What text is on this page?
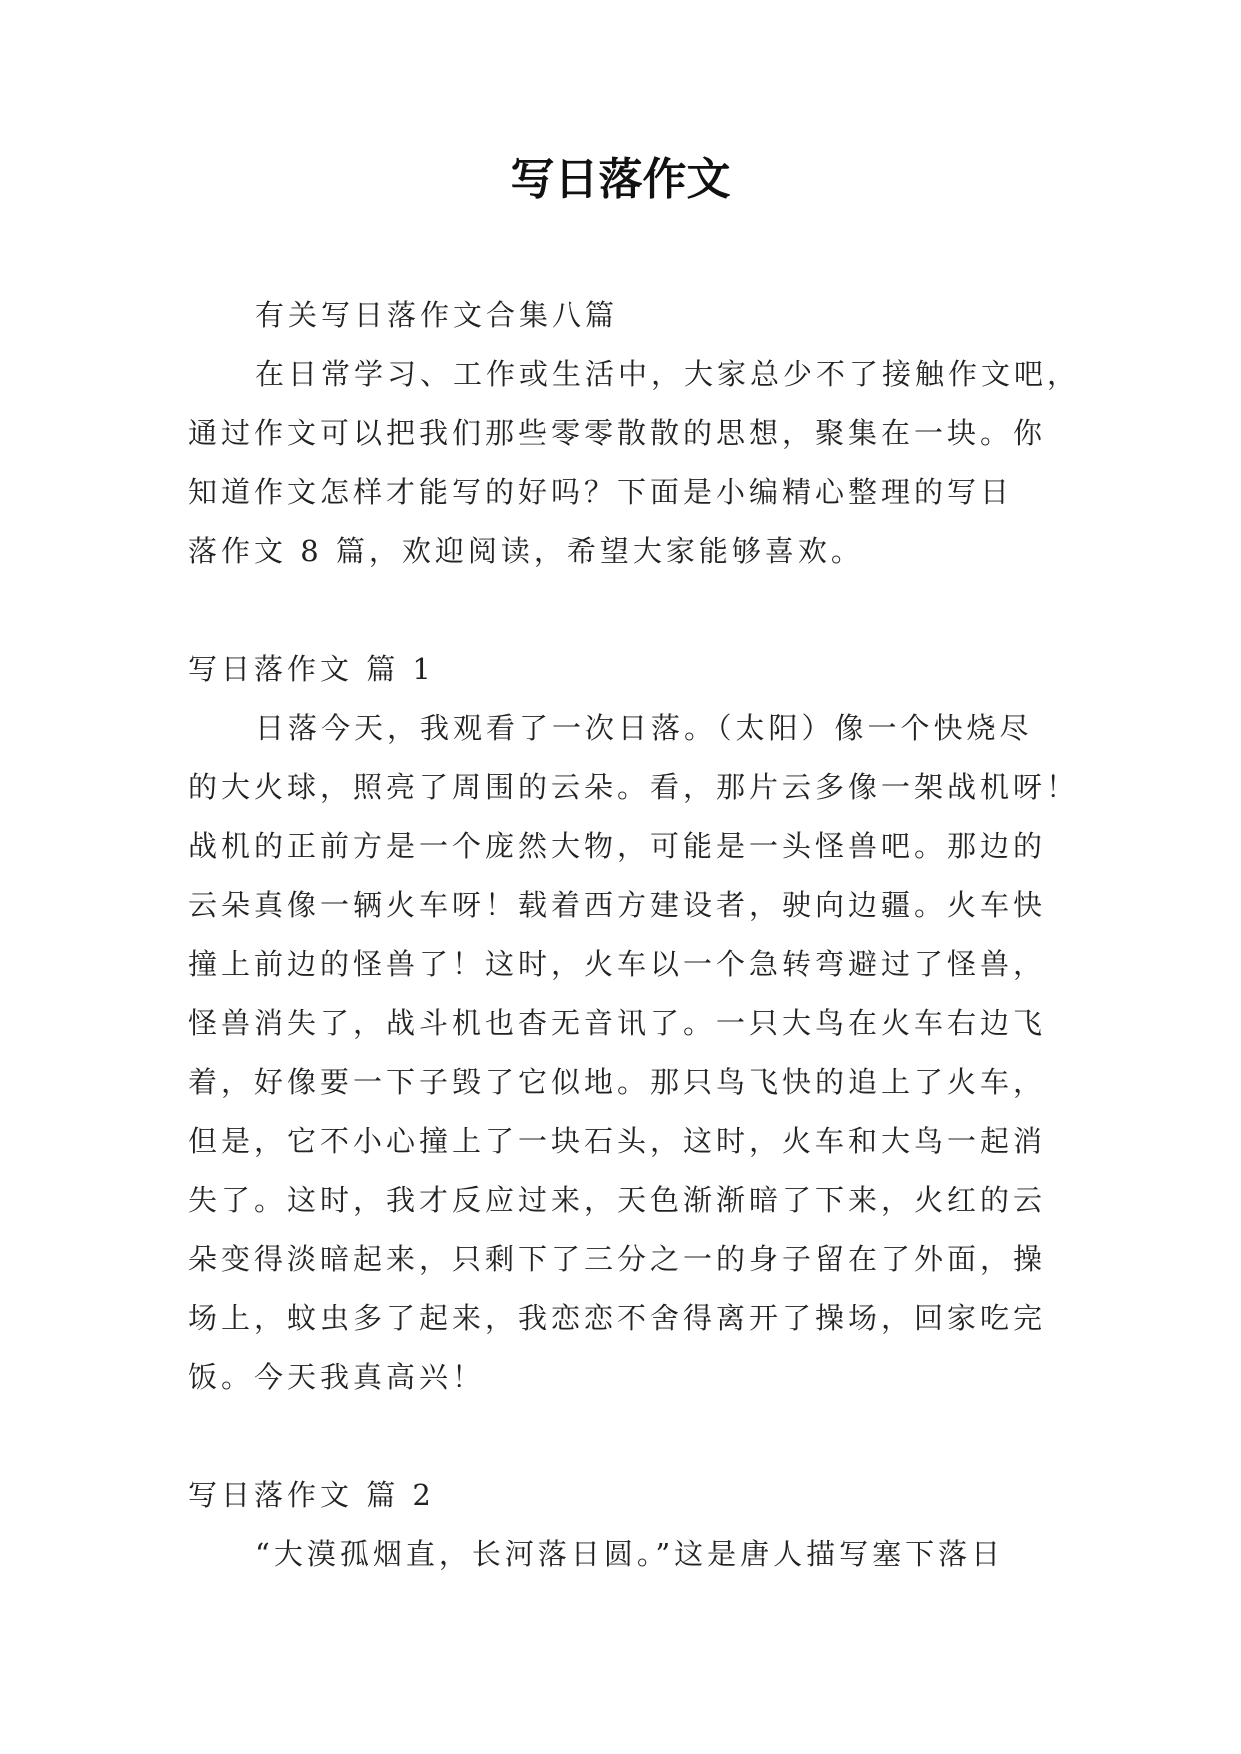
写日落作文
有关写日落作文合集八篇
在日常学习、工作或生活中，大家总少不了接触作文吧，
通过作文可以把我们那些零零散散的思想，聚集在一块。你
知道作文怎样才能写的好吗？下面是小编精心整理的写日
落作文 8 篇，欢迎阅读，希望大家能够喜欢。
写日落作文 篇 1
日落今天，我观看了一次日落。（太阳）像一个快烧尽
的大火球，照亮了周围的云朵。看，那片云多像一架战机呀！
战机的正前方是一个庞然大物，可能是一头怪兽吧。那边的
云朵真像一辆火车呀！载着西方建设者，驶向边疆。火车快
撞上前边的怪兽了！这时，火车以一个急转弯避过了怪兽，
怪兽消失了，战斗机也杳无音讯了。一只大鸟在火车右边飞
着，好像要一下子毁了它似地。那只鸟飞快的追上了火车，
但是，它不小心撞上了一块石头，这时，火车和大鸟一起消
失了。这时，我才反应过来，天色渐渐暗了下来，火红的云
朵变得淡暗起来，只剩下了三分之一的身子留在了外面，操
场上，蚊虫多了起来，我恋恋不舍得离开了操场，回家吃完
饭。今天我真高兴！
写日落作文 篇 2
“大漠孤烟直，长河落日圆。”这是唐人描写塞下落日
